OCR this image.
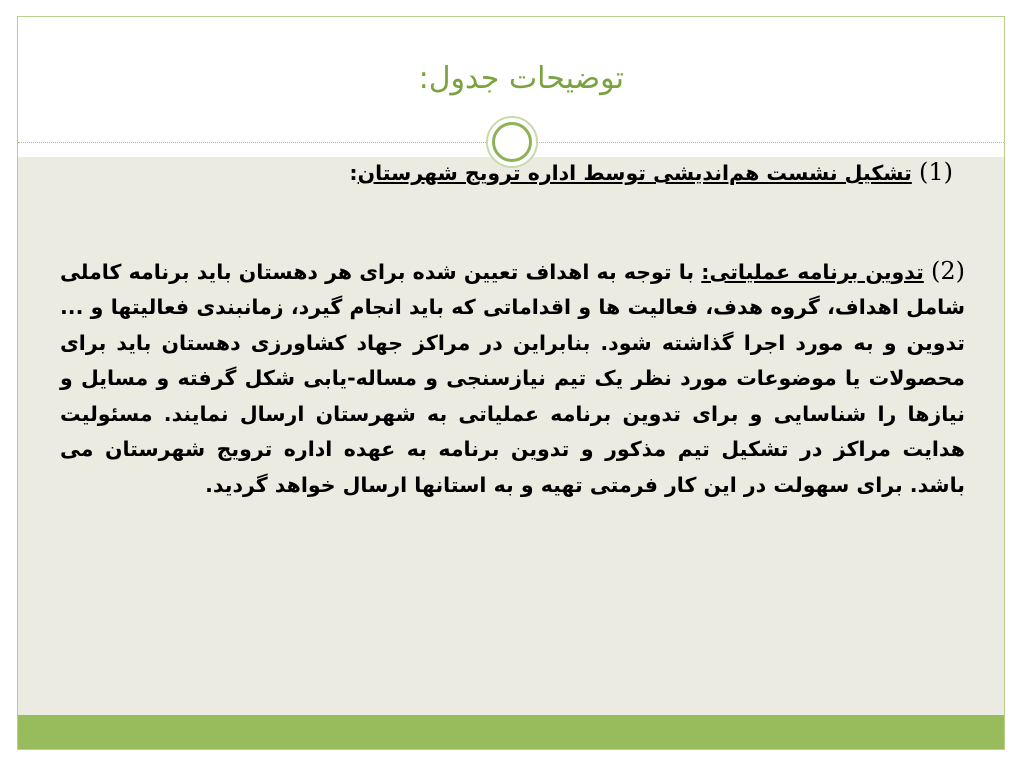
توضیحات جدول:

(1) تشکیل نشست هم‌اندیشی توسط اداره ترویج شهرستان:

(2) تدوین برنامه عملیاتی: با توجه به اهداف تعیین شده برای هر دهستان باید برنامه کاملی شامل اهداف، گروه هدف، فعالیت ها و اقداماتی که باید انجام گیرد، زمانبندی فعالیتها و ... تدوین و به مورد اجرا گذاشته شود. بنابراین در مراکز جهاد کشاورزی دهستان باید برای محصولات یا موضوعات مورد نظر یک تیم نیازسنجی و مساله-یابی شکل گرفته و مسایل و نیازها را شناسایی و برای تدوین برنامه عملیاتی به شهرستان ارسال نمایند. مسئولیت هدایت مراکز در تشکیل تیم مذکور و تدوین برنامه به عهده اداره ترویج شهرستان می باشد. برای سهولت در این کار فرمتی تهیه و به استانها ارسال خواهد گردید.
